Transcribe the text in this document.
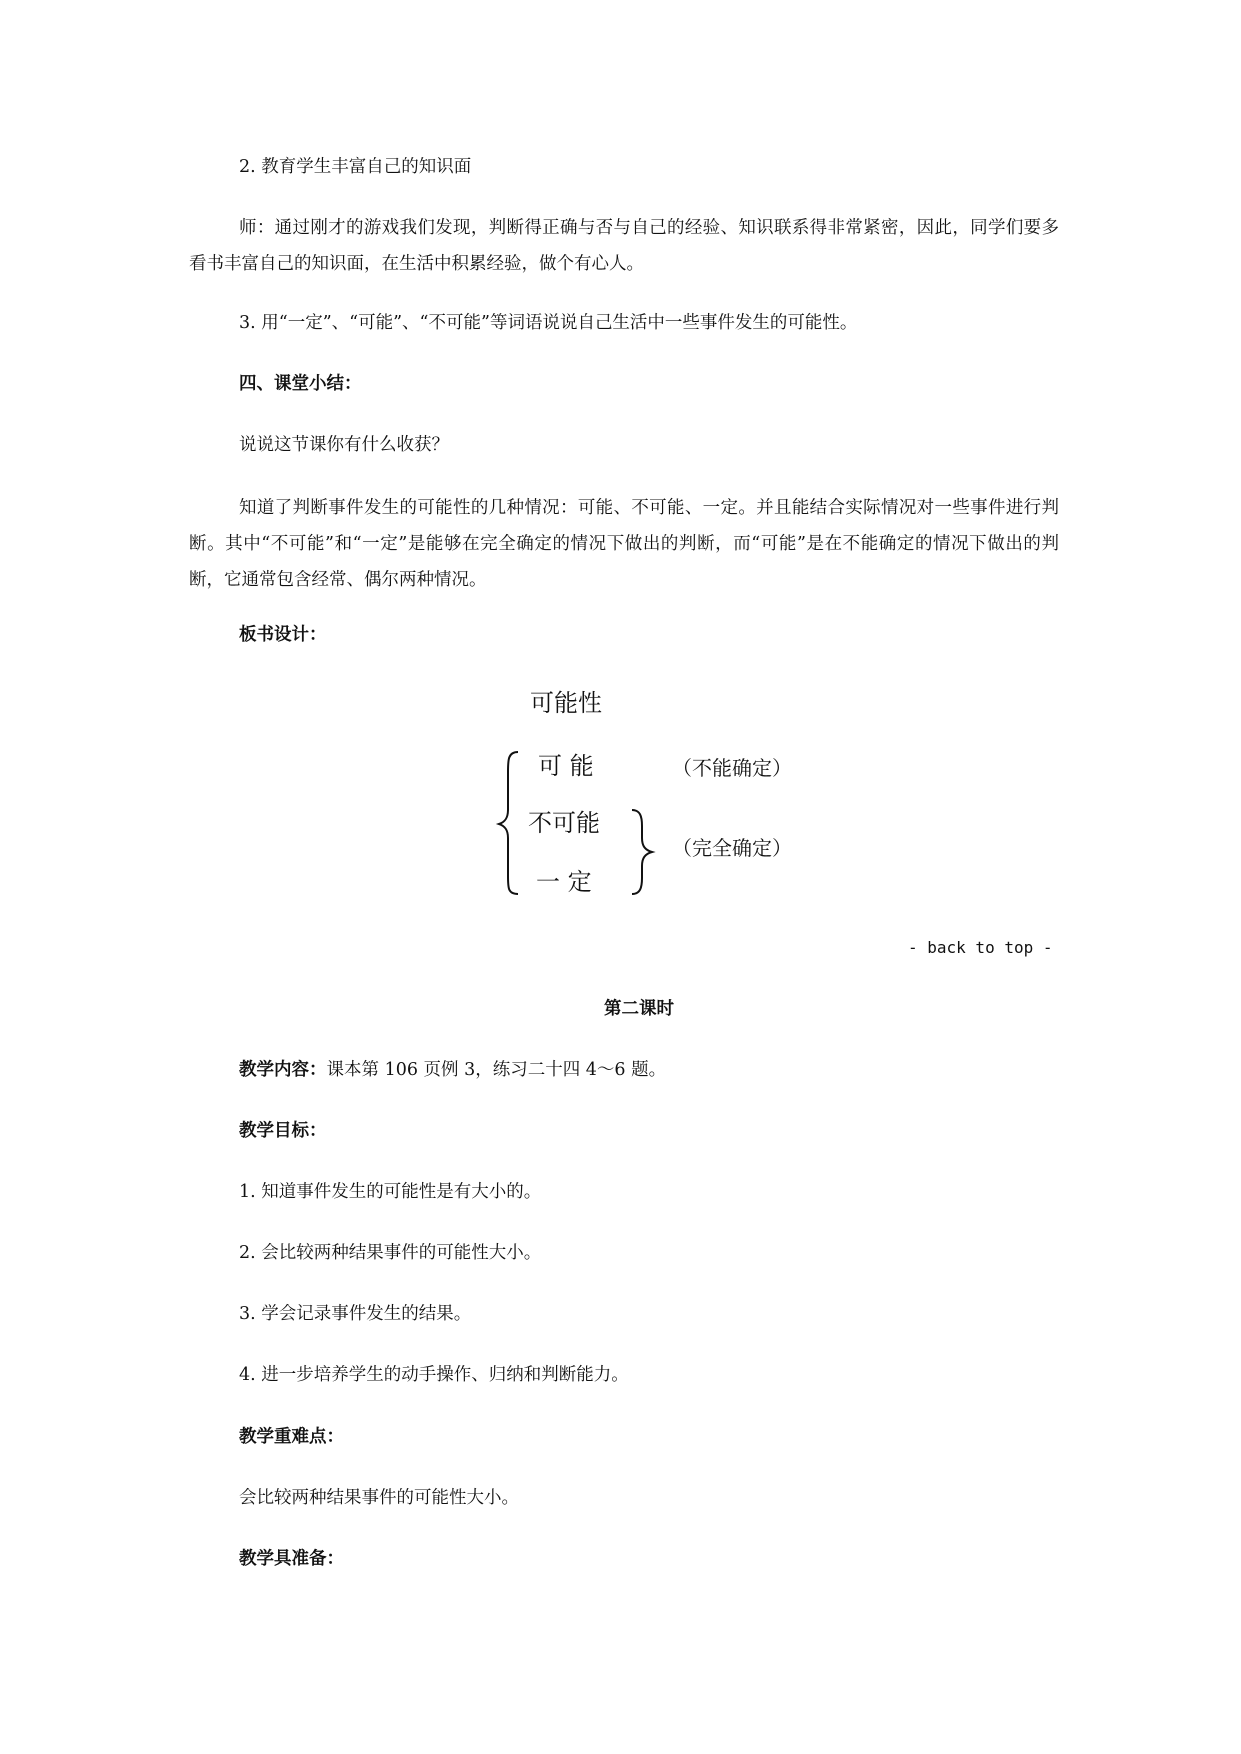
2. 教育学生丰富自己的知识面

师：通过刚才的游戏我们发现，判断得正确与否与自己的经验、知识联系得非常紧密，因此，同学们要多看书丰富自己的知识面，在生活中积累经验，做个有心人。

3. 用“一定”、“可能”、“不可能”等词语说说自己生活中一些事件发生的可能性。

四、课堂小结：

说说这节课你有什么收获？

知道了判断事件发生的可能性的几种情况：可能、不可能、一定。并且能结合实际情况对一些事件进行判断。其中“不可能”和“一定”是能够在完全确定的情况下做出的判断，而“可能”是在不能确定的情况下做出的判断，它通常包含经常、偶尔两种情况。

板书设计：

可能性
可 能
不可能
一 定
（不能确定）
（完全确定）

- back to top -

第二课时

教学内容：课本第 106 页例 3，练习二十四 4～6 题。

教学目标：

1. 知道事件发生的可能性是有大小的。

2. 会比较两种结果事件的可能性大小。

3. 学会记录事件发生的结果。

4. 进一步培养学生的动手操作、归纳和判断能力。

教学重难点：

会比较两种结果事件的可能性大小。

教学具准备：
